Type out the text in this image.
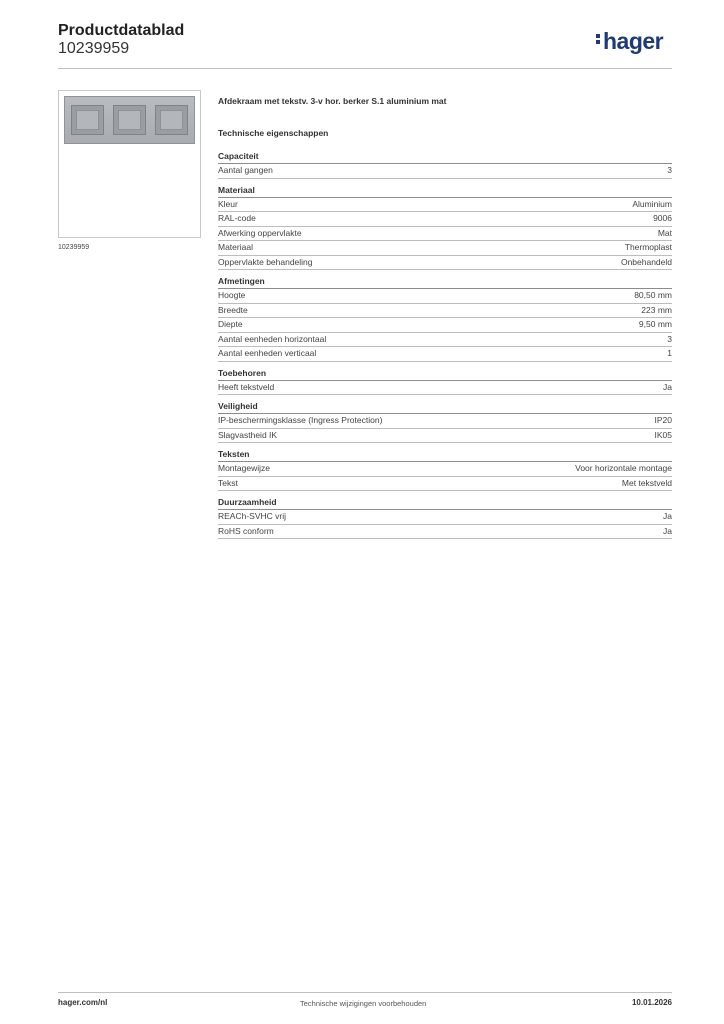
Productdatablad
10239959	hager
10239959
Afdekraam met tekstv. 3-v hor. berker S.1 aluminium mat
Technische eigenschappen
Capaciteit
Aantal gangen	3
Materiaal
Kleur	Aluminium
RAL-code	9006
Afwerking oppervlakte	Mat
Materiaal	Thermoplast
Oppervlakte behandeling	Onbehandeld
Afmetingen
Hoogte	80,50 mm
Breedte	223 mm
Diepte	9,50 mm
Aantal eenheden horizontaal	3
Aantal eenheden verticaal	1
Toebehoren
Heeft tekstveld	Ja
Veiligheid
IP-beschermingsklasse (Ingress Protection)	IP20
Slagvastheid IK	IK05
Teksten
Montagewijze	Voor horizontale montage
Tekst	Met tekstveld
Duurzaamheid
REACh-SVHC vrij	Ja
RoHS conform	Ja
hager.com/nl	Technische wijzigingen voorbehouden	10.01.2026
